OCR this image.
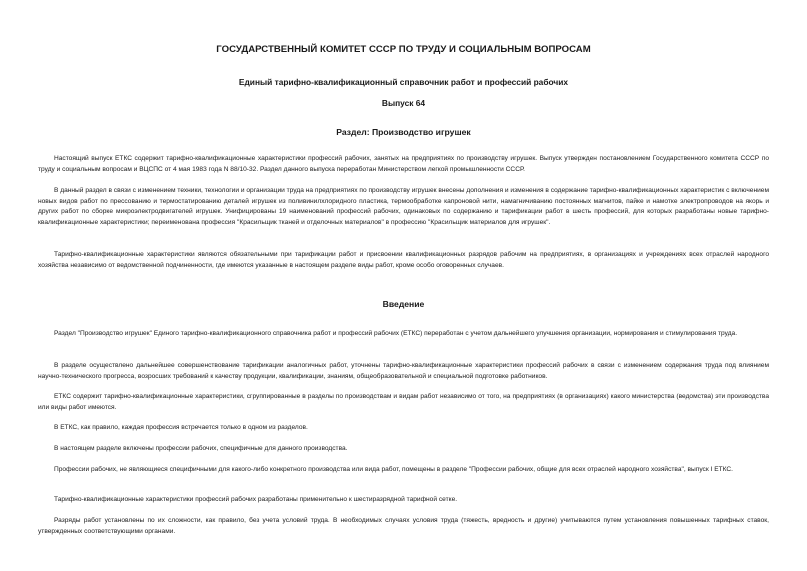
ГОСУДАРСТВЕННЫЙ КОМИТЕТ СССР ПО ТРУДУ И СОЦИАЛЬНЫМ ВОПРОСАМ
Единый тарифно-квалификационный справочник работ и профессий рабочих
Выпуск 64
Раздел: Производство игрушек

Настоящий выпуск ЕТКС содержит тарифно-квалификационные характеристики профессий рабочих, занятых на предприятиях по производству игрушек. Выпуск утвержден постановлением Государственного комитета СССР по труду и социальным вопросам и ВЦСПС от 4 мая 1983 года N 88/10-32. Раздел данного выпуска переработан Министерством легкой промышленности СССР.

В данный раздел в связи с изменением техники, технологии и организации труда на предприятиях по производству игрушек внесены дополнения и изменения в содержание тарифно-квалификационных характеристик с включением новых видов работ по прессованию и термостатированию деталей игрушек из поливинилхлоридного пластика, термообработке капроновой нити, намагничиванию постоянных магнитов, пайке и намотке электропроводов на якорь и других работ по сборке микроэлектродвигателей игрушек. Унифицированы 19 наименований профессий рабочих, одинаковых по содержанию и тарификации работ в шесть профессий, для которых разработаны новые тарифно-квалификационные характеристики; переименована профессия "Красильщик тканей и отделочных материалов" в профессию "Красильщик материалов для игрушек".

Тарифно-квалификационные характеристики являются обязательными при тарификации работ и присвоении квалификационных разрядов рабочим на предприятиях, в организациях и учреждениях всех отраслей народного хозяйства независимо от ведомственной подчиненности, где имеются указанные в настоящем разделе виды работ, кроме особо оговоренных случаев.

Введение

Раздел "Производство игрушек" Единого тарифно-квалификационного справочника работ и профессий рабочих (ЕТКС) переработан с учетом дальнейшего улучшения организации, нормирования и стимулирования труда.

В разделе осуществлено дальнейшее совершенствование тарификации аналогичных работ, уточнены тарифно-квалификационные характеристики профессий рабочих в связи с изменением содержания труда под влиянием научно-технического прогресса, возросших требований к качеству продукции, квалификации, знаниям, общеобразовательной и специальной подготовке работников.

ЕТКС содержит тарифно-квалификационные характеристики, сгруппированные в разделы по производствам и видам работ независимо от того, на предприятиях (в организациях) какого министерства (ведомства) эти производства или виды работ имеются.

В ЕТКС, как правило, каждая профессия встречается только в одном из разделов.

В настоящем разделе включены профессии рабочих, специфичные для данного производства.

Профессии рабочих, не являющиеся специфичными для какого-либо конкретного производства или вида работ, помещены в разделе "Профессии рабочих, общие для всех отраслей народного хозяйства", выпуск I ЕТКС.

Тарифно-квалификационные характеристики профессий рабочих разработаны применительно к шестиразрядной тарифной сетке.

Разряды работ установлены по их сложности, как правило, без учета условий труда. В необходимых случаях условия труда (тяжесть, вредность и другие) учитываются путем установления повышенных тарифных ставок, утвержденных соответствующими органами.
